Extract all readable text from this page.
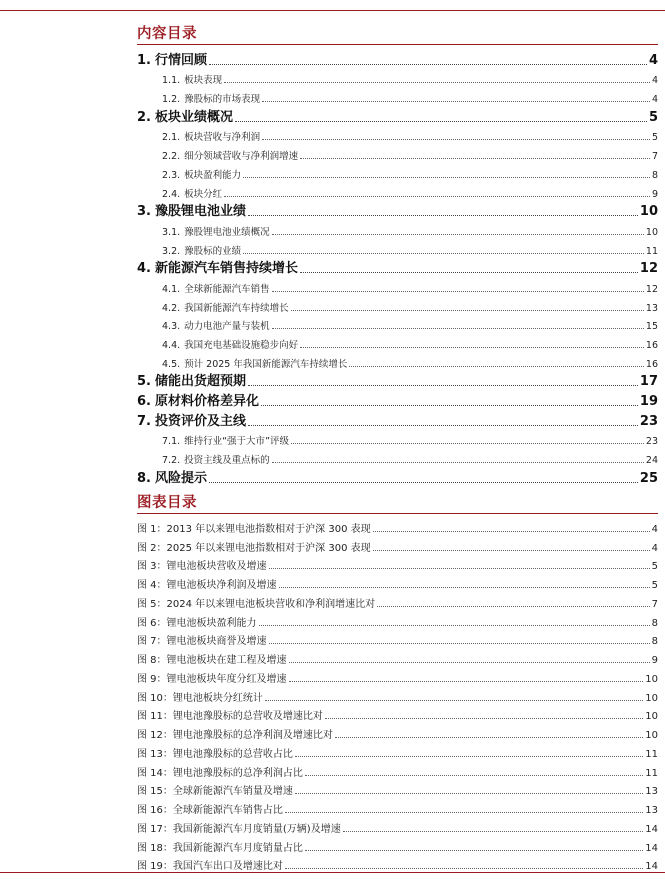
内容目录
1. 行情回顾	4
1.1. 板块表现	4
1.2. 豫股标的市场表现	4
2. 板块业绩概况	5
2.1. 板块营收与净利润	5
2.2. 细分领域营收与净利润增速	7
2.3. 板块盈利能力	8
2.4. 板块分红	9
3. 豫股锂电池业绩	10
3.1. 豫股锂电池业绩概况	10
3.2. 豫股标的业绩	11
4. 新能源汽车销售持续增长	12
4.1. 全球新能源汽车销售	12
4.2. 我国新能源汽车持续增长	13
4.3. 动力电池产量与装机	15
4.4. 我国充电基础设施稳步向好	16
4.5. 预计 2025 年我国新能源汽车持续增长	16
5. 储能出货超预期	17
6. 原材料价格差异化	19
7. 投资评价及主线	23
7.1. 维持行业“强于大市”评级	23
7.2. 投资主线及重点标的	24
8. 风险提示	25
图表目录
图 1：2013 年以来锂电池指数相对于沪深 300 表现	4
图 2：2025 年以来锂电池指数相对于沪深 300 表现	4
图 3：锂电池板块营收及增速	5
图 4：锂电池板块净利润及增速	5
图 5：2024 年以来锂电池板块营收和净利润增速比对	7
图 6：锂电池板块盈利能力	8
图 7：锂电池板块商誉及增速	8
图 8：锂电池板块在建工程及增速	9
图 9：锂电池板块年度分红及增速	10
图 10：锂电池板块分红统计	10
图 11：锂电池豫股标的总营收及增速比对	10
图 12：锂电池豫股标的总净利润及增速比对	10
图 13：锂电池豫股标的总营收占比	11
图 14：锂电池豫股标的总净利润占比	11
图 15：全球新能源汽车销量及增速	13
图 16：全球新能源汽车销售占比	13
图 17：我国新能源汽车月度销量(万辆)及增速	14
图 18：我国新能源汽车月度销量占比	14
图 19：我国汽车出口及增速比对	14
